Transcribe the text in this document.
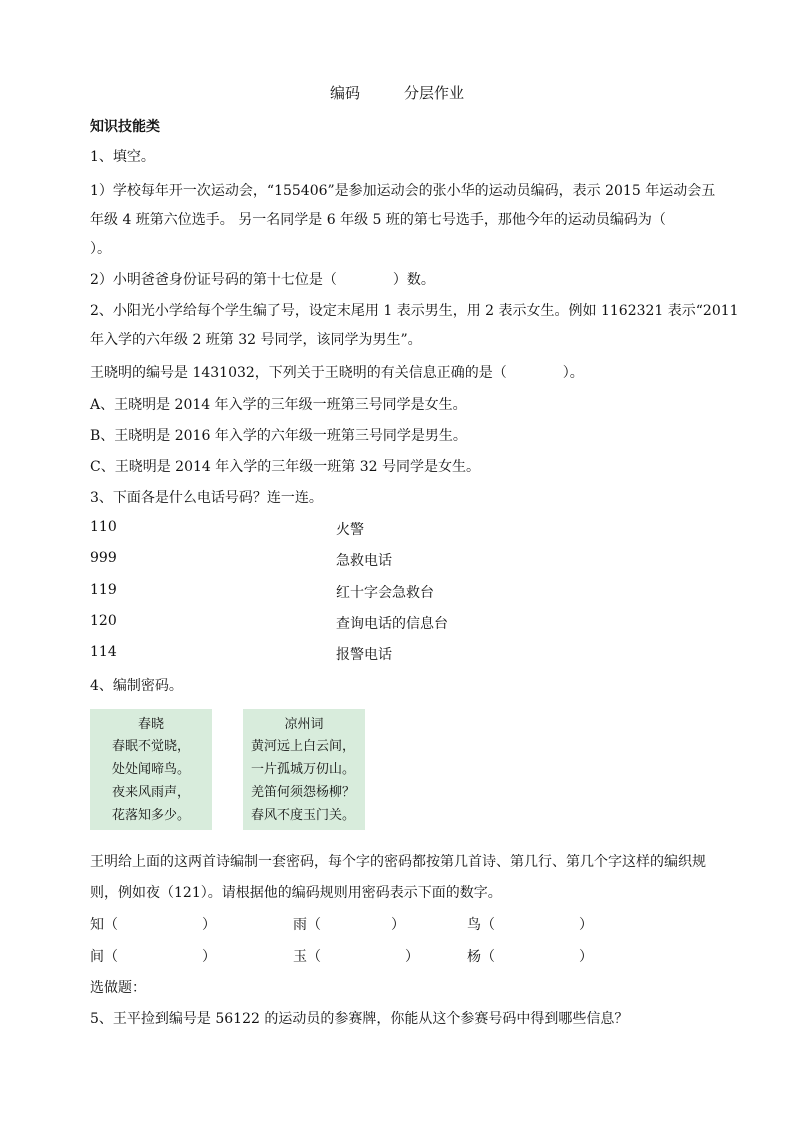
编码	分层作业
知识技能类
1、填空。
1）学校每年开一次运动会，“155406”是参加运动会的张小华的运动员编码，表示 2015 年运动会五
年级 4 班第六位选手。 另一名同学是 6 年级 5 班的第七号选手，那他今年的运动员编码为（
）。
2）小明爸爸身份证号码的第十七位是（　　　　）数。
2、小阳光小学给每个学生编了号，设定末尾用 1 表示男生，用 2 表示女生。例如 1162321 表示“2011
年入学的六年级 2 班第 32 号同学，该同学为男生”。
王晓明的编号是 1431032，下列关于王晓明的有关信息正确的是（　　　　）。
A、王晓明是 2014 年入学的三年级一班第三号同学是女生。
B、王晓明是 2016 年入学的六年级一班第三号同学是男生。
C、王晓明是 2014 年入学的三年级一班第 32 号同学是女生。
3、下面各是什么电话号码？连一连。
110	火警
999	急救电话
119	红十字会急救台
120	查询电话的信息台
114	报警电话
4、编制密码。
春晓
春眠不觉晓，
处处闻啼鸟。
夜来风雨声，
花落知多少。
凉州词
黄河远上白云间，
一片孤城万仞山。
羌笛何须怨杨柳？
春风不度玉门关。
王明给上面的这两首诗编制一套密码，每个字的密码都按第几首诗、第几行、第几个字这样的编织规
则，例如夜（121）。请根据他的编码规则用密码表示下面的数字。
知（　　　　　　）	雨（　　　　　）	鸟（　　　　　　）
间（　　　　　　）	玉（　　　　　　）	杨（　　　　　　）
选做题：
5、王平捡到编号是 56122 的运动员的参赛牌，你能从这个参赛号码中得到哪些信息？
